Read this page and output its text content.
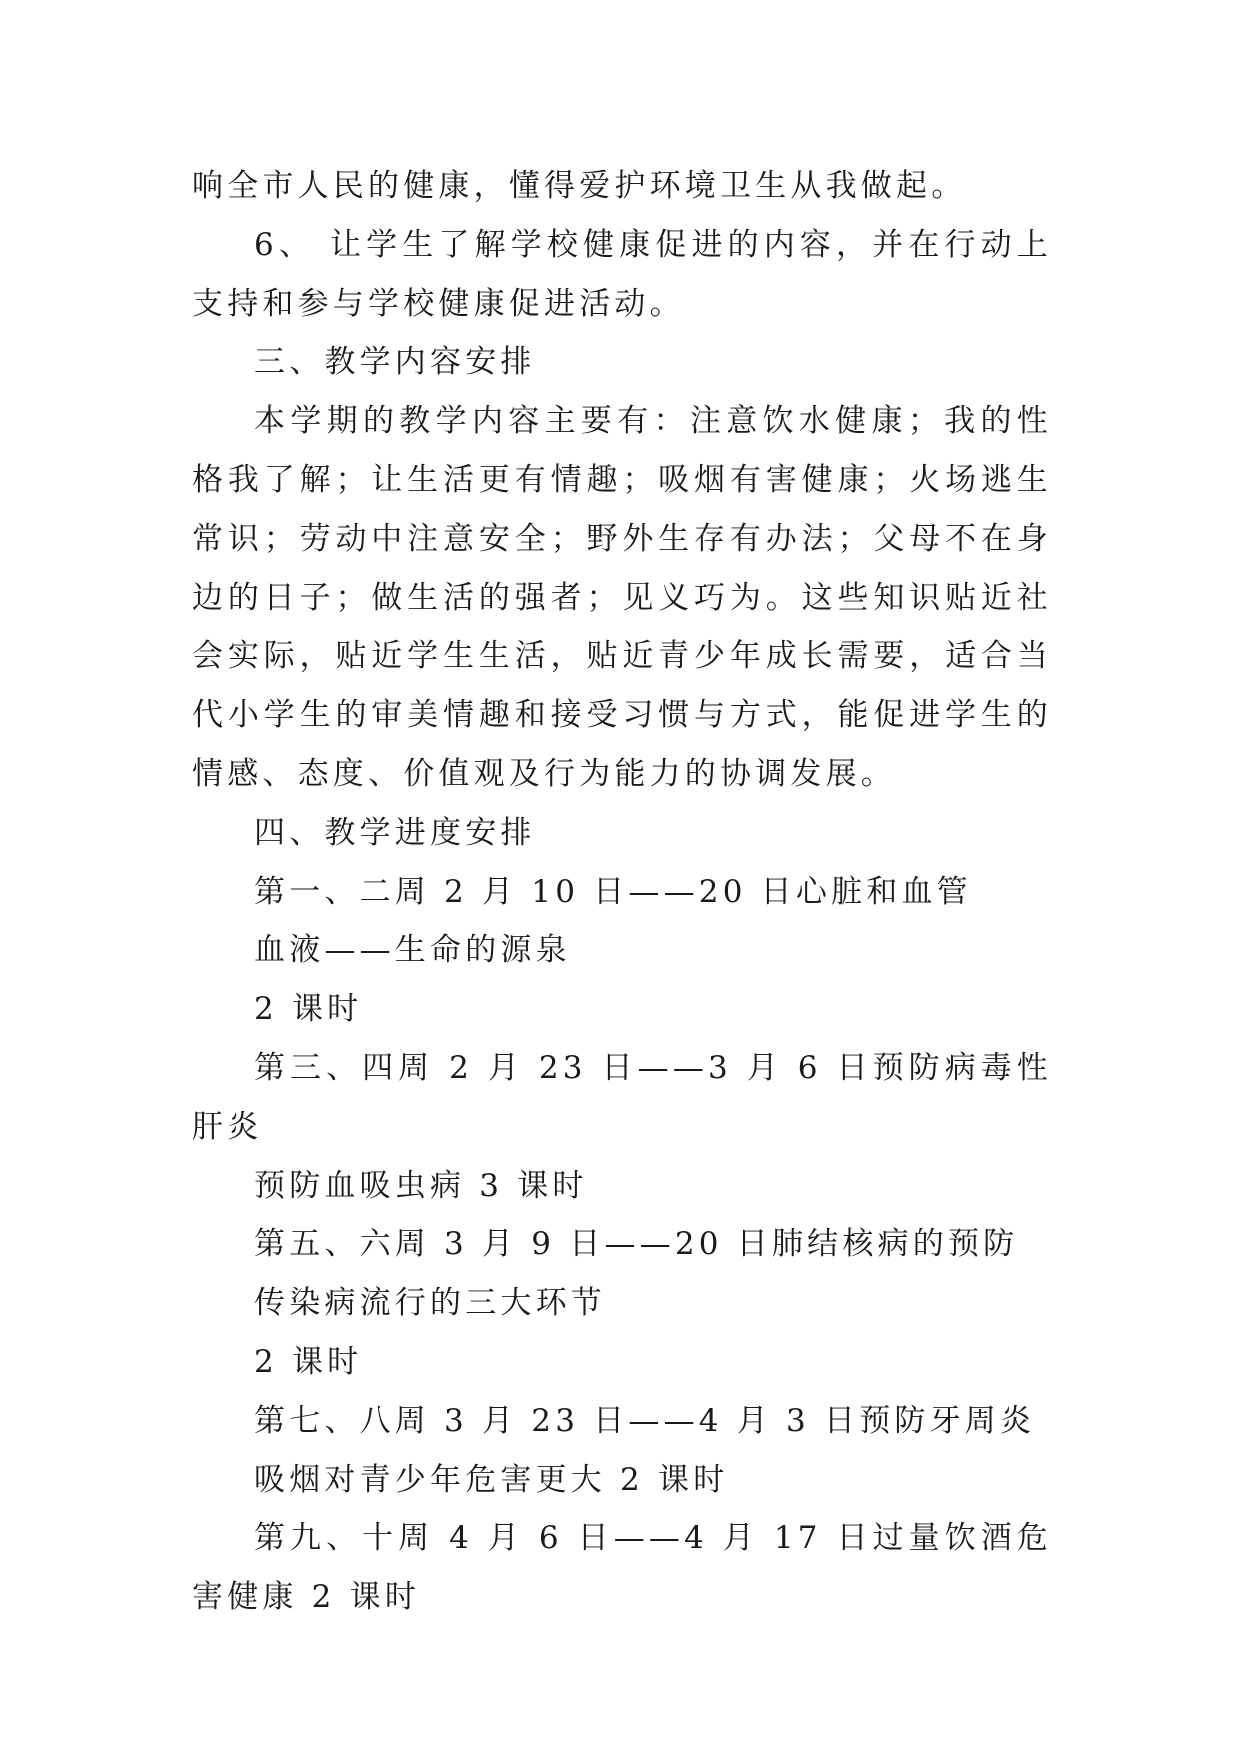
响全市人民的健康，懂得爱护环境卫生从我做起。

6、 让学生了解学校健康促进的内容，并在行动上支持和参与学校健康促进活动。

三、教学内容安排

本学期的教学内容主要有：注意饮水健康；我的性格我了解；让生活更有情趣；吸烟有害健康；火场逃生常识；劳动中注意安全；野外生存有办法；父母不在身边的日子；做生活的强者；见义巧为。这些知识贴近社会实际，贴近学生生活，贴近青少年成长需要，适合当代小学生的审美情趣和接受习惯与方式，能促进学生的情感、态度、价值观及行为能力的协调发展。

四、教学进度安排

第一、二周 2 月 10 日——20 日心脏和血管

血液——生命的源泉

2 课时

第三、四周 2 月 23 日——3 月 6 日预防病毒性肝炎

预防血吸虫病 3 课时

第五、六周 3 月 9 日——20 日肺结核病的预防

传染病流行的三大环节

2 课时

第七、八周 3 月 23 日——4 月 3 日预防牙周炎

吸烟对青少年危害更大 2 课时

第九、十周 4 月 6 日——4 月 17 日过量饮酒危害健康 2 课时
